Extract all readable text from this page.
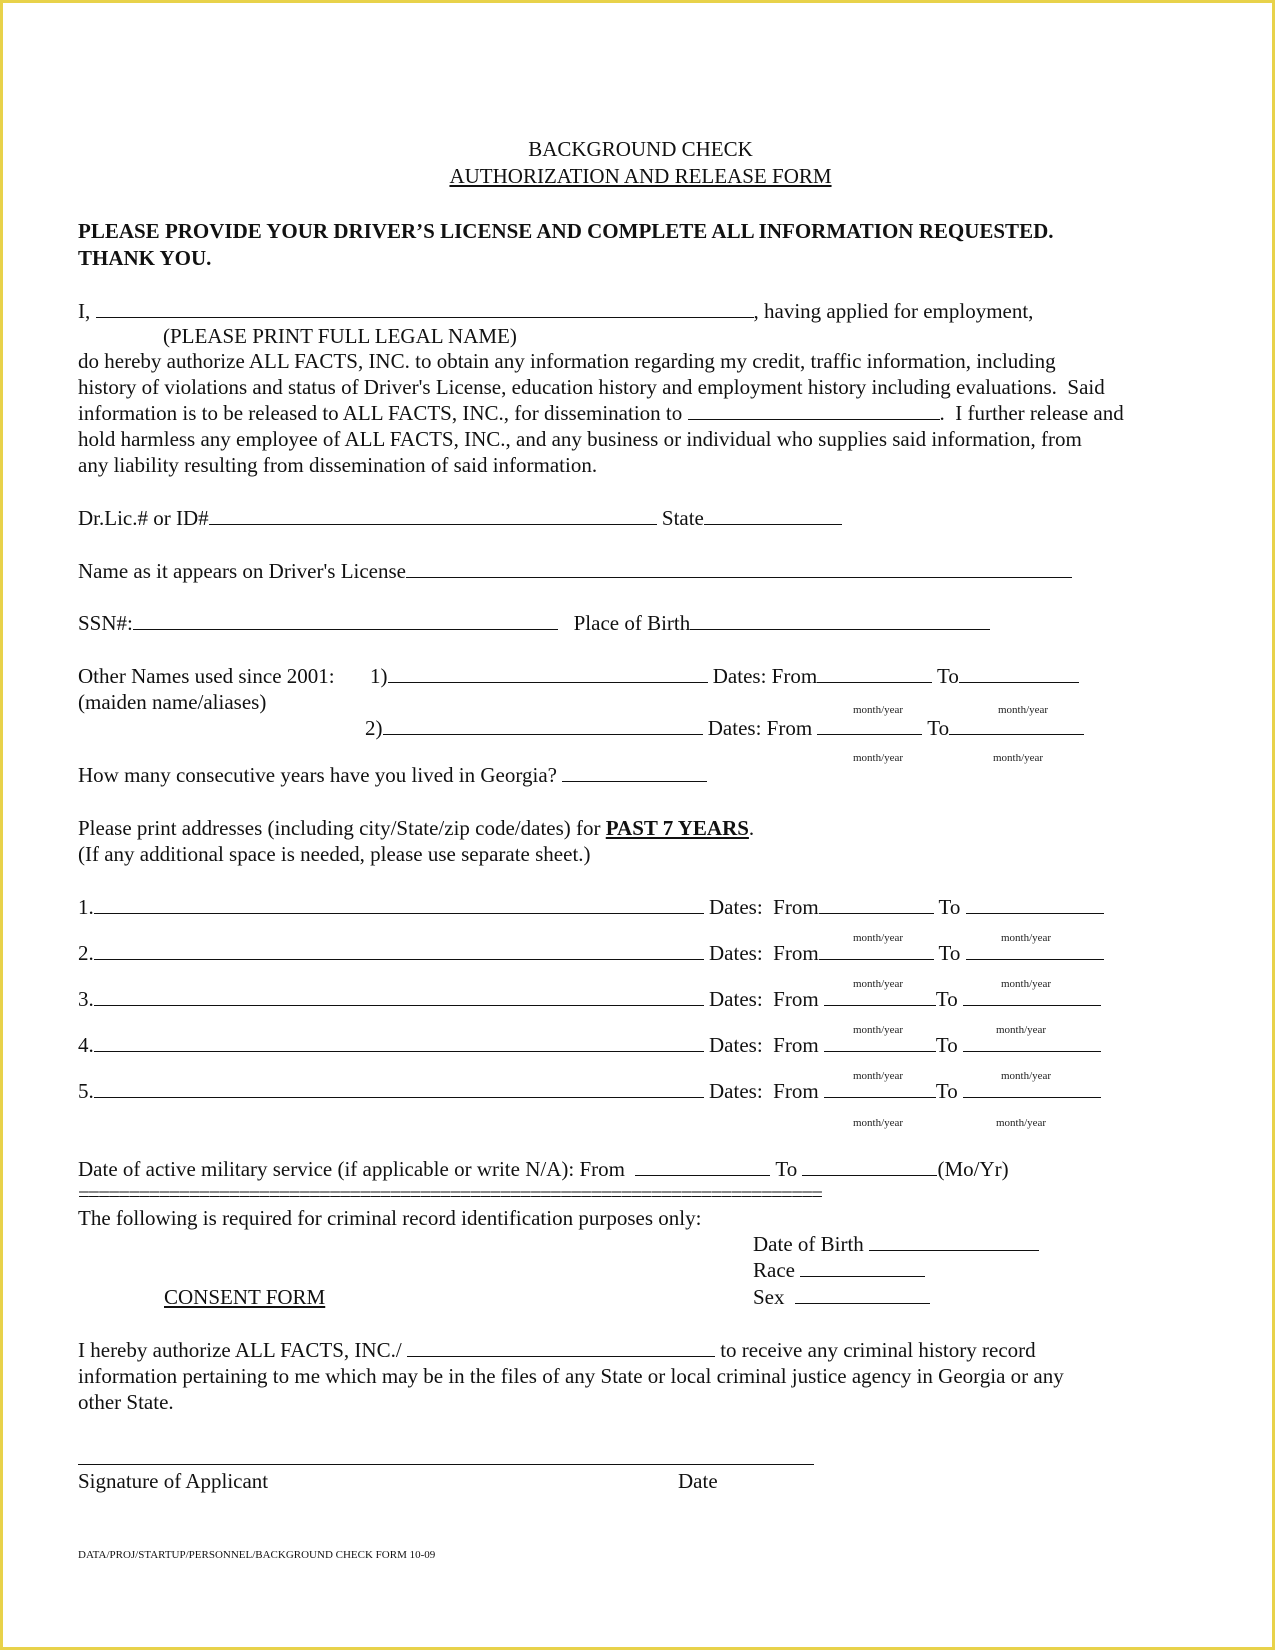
BACKGROUND CHECK
AUTHORIZATION AND RELEASE FORM
PLEASE PROVIDE YOUR DRIVER’S LICENSE AND COMPLETE ALL INFORMATION REQUESTED.
THANK YOU.
I,	, having applied for employment,
(PLEASE PRINT FULL LEGAL NAME)
do hereby authorize ALL FACTS, INC. to obtain any information regarding my credit, traffic information, including
history of violations and status of Driver's License, education history and employment history including evaluations.  Said
information is to be released to ALL FACTS, INC., for dissemination to	.  I further release and
hold harmless any employee of ALL FACTS, INC., and any business or individual who supplies said information, from
any liability resulting from dissemination of said information.
Dr.Lic.# or ID#	State
Name as it appears on Driver's License
SSN#:	Place of Birth
Other Names used since 2001: 1)	Dates: From	To
(maiden name/aliases)	month/year	month/year
2)	Dates: From	To
month/year	month/year
How many consecutive years have you lived in Georgia?
Please print addresses (including city/State/zip code/dates) for PAST 7 YEARS.
(If any additional space is needed, please use separate sheet.)
1.	Dates:  From	To
month/year	month/year
2.	Dates:  From	To
month/year	month/year
3.	Dates:  From	To
month/year	month/year
4.	Dates:  From	To
month/year	month/year
5.	Dates:  From	To
month/year	month/year
Date of active military service (if applicable or write N/A): From	To	(Mo/Yr)
==========================================================================
The following is required for criminal record identification purposes only:
Date of Birth
Race
CONSENT FORM	Sex
I hereby authorize ALL FACTS, INC./	to receive any criminal history record
information pertaining to me which may be in the files of any State or local criminal justice agency in Georgia or any
other State.
Signature of Applicant	Date
DATA/PROJ/STARTUP/PERSONNEL/BACKGROUND CHECK FORM 10-09
